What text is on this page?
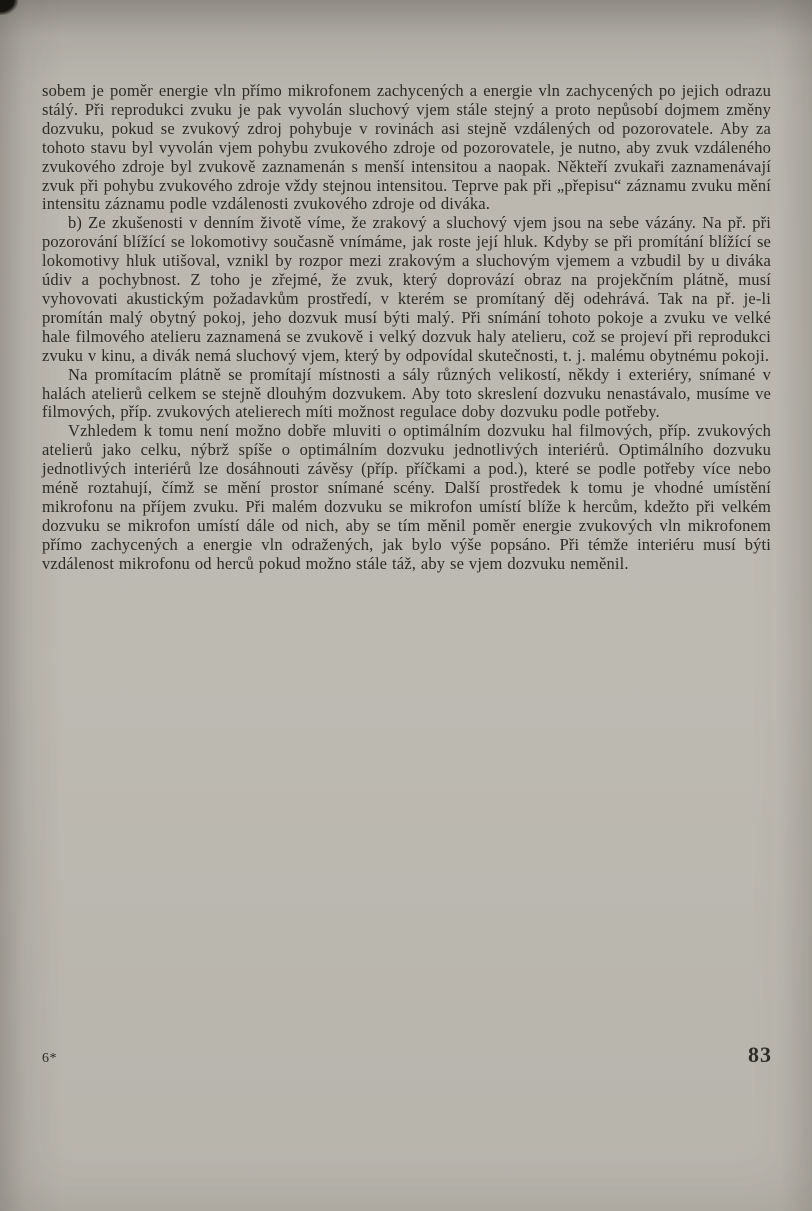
sobem je poměr energie vln přímo mikrofonem zachycených a energie vln zachycených po jejich odrazu stálý. Při reprodukci zvuku je pak vyvolán sluchový vjem stále stejný a proto nepůsobí dojmem změny dozvuku, pokud se zvukový zdroj pohybuje v rovinách asi stejně vzdálených od pozorovatele. Aby za tohoto stavu byl vyvolán vjem pohybu zvukového zdroje od pozorovatele, je nutno, aby zvuk vzdáleného zvukového zdroje byl zvukově zaznamenán s menší intensitou a naopak. Někteří zvukaři zaznamenávají zvuk při pohybu zvukového zdroje vždy stejnou intensitou. Teprve pak při „přepisu“ záznamu zvuku mění intensitu záznamu podle vzdálenosti zvukového zdroje od diváka.

b) Ze zkušenosti v denním životě víme, že zrakový a sluchový vjem jsou na sebe vázány. Na př. při pozorování blížící se lokomotivy současně vnímáme, jak roste její hluk. Kdyby se při promítání blížící se lokomotivy hluk utišoval, vznikl by rozpor mezi zrakovým a sluchovým vjemem a vzbudil by u diváka údiv a pochybnost. Z toho je zřejmé, že zvuk, který doprovází obraz na projekčním plátně, musí vyhovovati akustickým požadavkům prostředí, v kterém se promítaný děj odehrává. Tak na př. je-li promítán malý obytný pokoj, jeho dozvuk musí býti malý. Při snímání tohoto pokoje a zvuku ve velké hale filmového atelieru zaznamená se zvukově i velký dozvuk haly atelieru, což se projeví při reprodukci zvuku v kinu, a divák nemá sluchový vjem, který by odpovídal skutečnosti, t. j. malému obytnému pokoji.

Na promítacím plátně se promítají místnosti a sály různých velikostí, někdy i exteriéry, snímané v halách atelierů celkem se stejně dlouhým dozvukem. Aby toto skreslení dozvuku nenastávalo, musíme ve filmových, příp. zvukových atelierech míti možnost regulace doby dozvuku podle potřeby.

Vzhledem k tomu není možno dobře mluviti o optimálním dozvuku hal filmových, příp. zvukových atelierů jako celku, nýbrž spíše o optimálním dozvuku jednotlivých interiérů. Optimálního dozvuku jednotlivých interiérů lze dosáhnouti závěsy (příp. příčkami a pod.), které se podle potřeby více nebo méně roztahují, čímž se mění prostor snímané scény. Další prostředek k tomu je vhodné umístění mikrofonu na příjem zvuku. Při malém dozvuku se mikrofon umístí blíže k hercům, kdežto při velkém dozvuku se mikrofon umístí dále od nich, aby se tím měnil poměr energie zvukových vln mikrofonem přímo zachycených a energie vln odražených, jak bylo výše popsáno. Při témže interiéru musí býti vzdálenost mikrofonu od herců pokud možno stále táž, aby se vjem dozvuku neměnil.

6*	83
